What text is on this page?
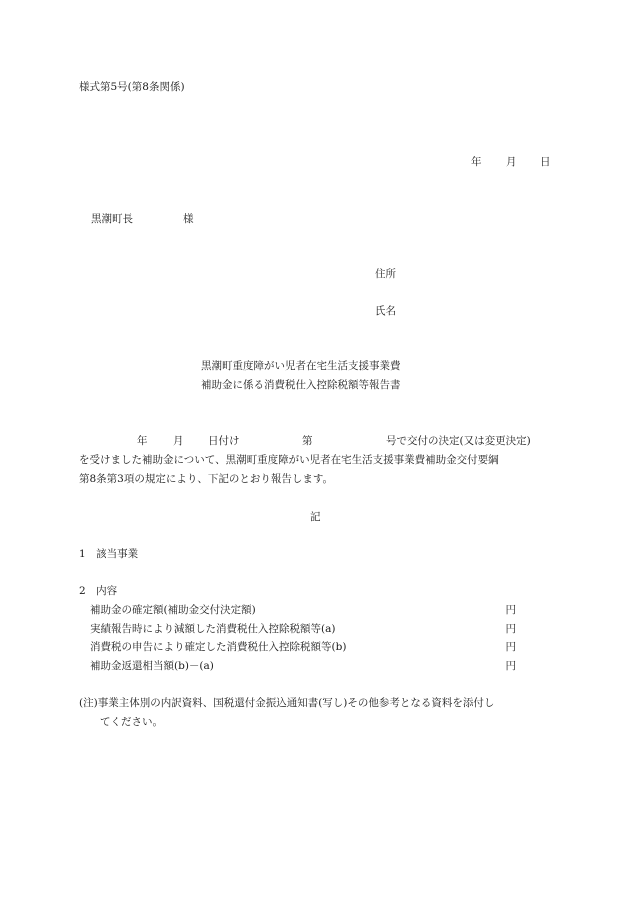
様式第5号(第8条関係)
年 月 日
黒潮町長	様
住所
氏名
黒潮町重度障がい児者在宅生活支援事業費
補助金に係る消費税仕入控除税額等報告書
年 月 日付け	第	号で交付の決定(又は変更決定)
を受けました補助金について、黒潮町重度障がい児者在宅生活支援事業費補助金交付要綱
第8条第3項の規定により、下記のとおり報告します。
記
1　該当事業
2　内容
補助金の確定額(補助金交付決定額)	円
実績報告時により減額した消費税仕入控除税額等(a)	円
消費税の申告により確定した消費税仕入控除税額等(b)	円
補助金返還相当額(b)－(a)	円
(注)事業主体別の内訳資料、国税還付金振込通知書(写し)その他参考となる資料を添付し
てください。
